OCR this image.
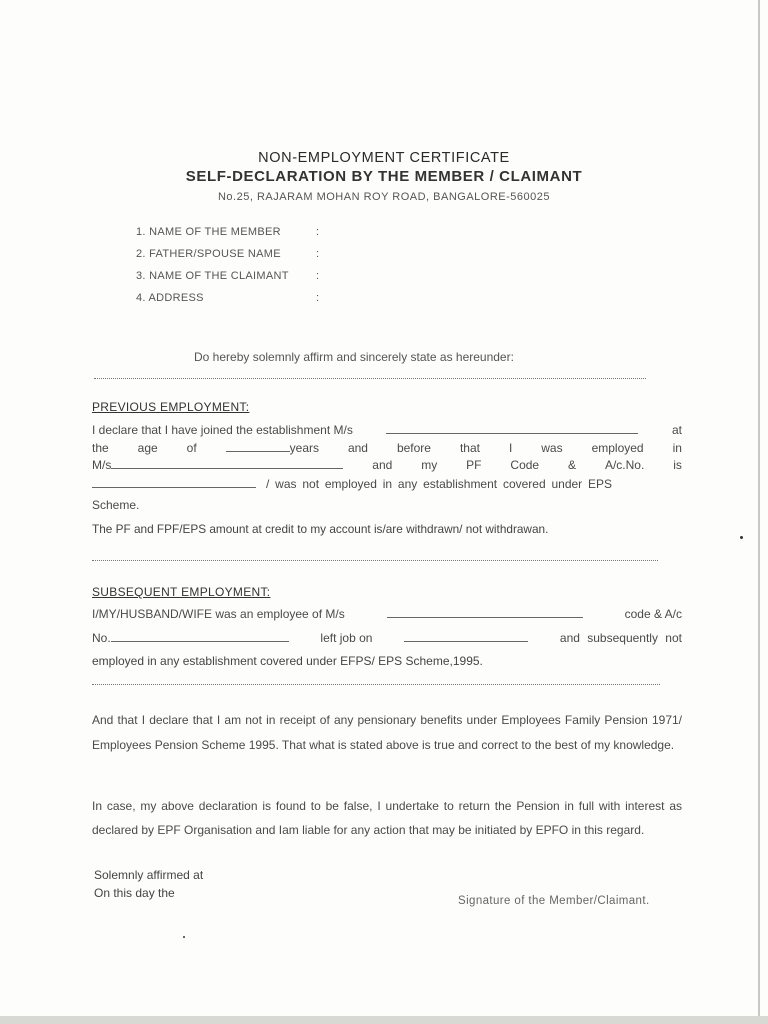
NON-EMPLOYMENT CERTIFICATE
SELF-DECLARATION BY THE MEMBER / CLAIMANT
No.25, RAJARAM MOHAN ROY ROAD, BANGALORE-560025
1. NAME OF THE MEMBER	:
2. FATHER/SPOUSE NAME	:
3. NAME OF THE CLAIMANT :
4. ADDRESS	:
Do hereby solemnly affirm and sincerely state as hereunder:
PREVIOUS EMPLOYMENT:
I declare that I have joined the establishment M/s	at
the age of	years and before that I was employed in
M/s	and my PF Code & A/c.No. is
/ was not employed in any establishment covered under EPS
Scheme.
The PF and FPF/EPS amount at credit to my account is/are withdrawn/ not withdrawan.
SUBSEQUENT EMPLOYMENT:
I/MY/HUSBAND/WIFE was an employee of M/s	code & A/c
No.	left job on	and subsequently not
employed in any establishment covered under EFPS/ EPS Scheme,1995.
And that I declare that I am not in receipt of any pensionary benefits under Employees Family Pension 1971/ Employees Pension Scheme 1995. That what is stated above is true and correct to the best of my knowledge.
In case, my above declaration is found to be false, I undertake to return the Pension in full with interest as declared by EPF Organisation and Iam liable for any action that may be initiated by EPFO in this regard.
Solemnly affirmed at
On this day the
Signature of the Member/Claimant.
